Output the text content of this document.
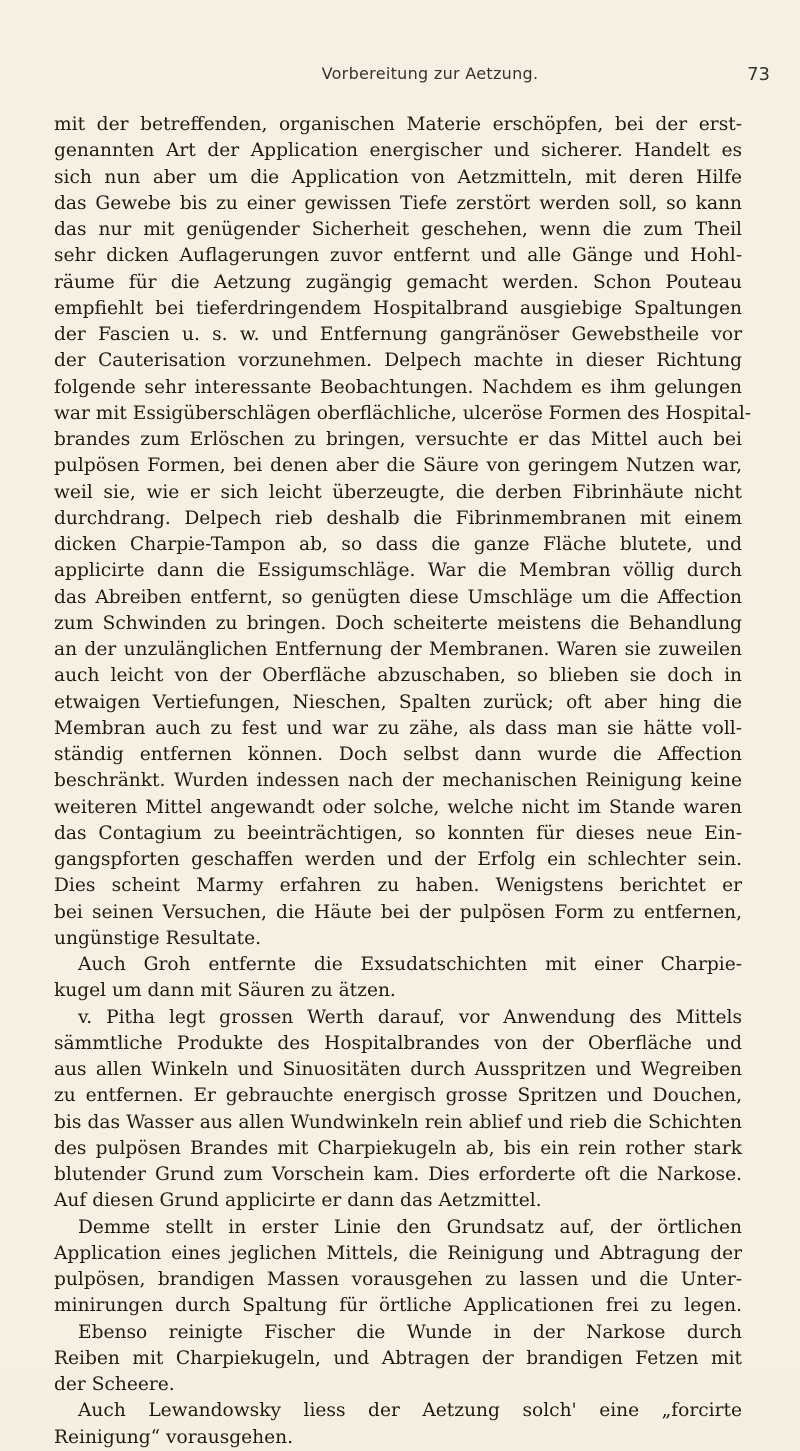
Vorbereitung zur Aetzung.	73
mit der betreffenden, organischen Materie erschöpfen, bei der erst-
genannten Art der Application energischer und sicherer. Handelt es
sich nun aber um die Application von Aetzmitteln, mit deren Hilfe
das Gewebe bis zu einer gewissen Tiefe zerstört werden soll, so kann
das nur mit genügender Sicherheit geschehen, wenn die zum Theil
sehr dicken Auflagerungen zuvor entfernt und alle Gänge und Hohl-
räume für die Aetzung zugängig gemacht werden. Schon Pouteau
empfiehlt bei tieferdringendem Hospitalbrand ausgiebige Spaltungen
der Fascien u. s. w. und Entfernung gangränöser Gewebstheile vor
der Cauterisation vorzunehmen. Delpech machte in dieser Richtung
folgende sehr interessante Beobachtungen. Nachdem es ihm gelungen
war mit Essigüberschlägen oberflächliche, ulceröse Formen des Hospital-
brandes zum Erlöschen zu bringen, versuchte er das Mittel auch bei
pulpösen Formen, bei denen aber die Säure von geringem Nutzen war,
weil sie, wie er sich leicht überzeugte, die derben Fibrinhäute nicht
durchdrang. Delpech rieb deshalb die Fibrinmembranen mit einem
dicken Charpie-Tampon ab, so dass die ganze Fläche blutete, und
applicirte dann die Essigumschläge. War die Membran völlig durch
das Abreiben entfernt, so genügten diese Umschläge um die Affection
zum Schwinden zu bringen. Doch scheiterte meistens die Behandlung
an der unzulänglichen Entfernung der Membranen. Waren sie zuweilen
auch leicht von der Oberfläche abzuschaben, so blieben sie doch in
etwaigen Vertiefungen, Nieschen, Spalten zurück; oft aber hing die
Membran auch zu fest und war zu zähe, als dass man sie hätte voll-
ständig entfernen können. Doch selbst dann wurde die Affection
beschränkt. Wurden indessen nach der mechanischen Reinigung keine
weiteren Mittel angewandt oder solche, welche nicht im Stande waren
das Contagium zu beeinträchtigen, so konnten für dieses neue Ein-
gangspforten geschaffen werden und der Erfolg ein schlechter sein.
Dies scheint Marmy erfahren zu haben. Wenigstens berichtet er
bei seinen Versuchen, die Häute bei der pulpösen Form zu entfernen,
ungünstige Resultate.
Auch Groh entfernte die Exsudatschichten mit einer Charpie-
kugel um dann mit Säuren zu ätzen.
v. Pitha legt grossen Werth darauf, vor Anwendung des Mittels
sämmtliche Produkte des Hospitalbrandes von der Oberfläche und
aus allen Winkeln und Sinuositäten durch Ausspritzen und Wegreiben
zu entfernen. Er gebrauchte energisch grosse Spritzen und Douchen,
bis das Wasser aus allen Wundwinkeln rein ablief und rieb die Schichten
des pulpösen Brandes mit Charpiekugeln ab, bis ein rein rother stark
blutender Grund zum Vorschein kam. Dies erforderte oft die Narkose.
Auf diesen Grund applicirte er dann das Aetzmittel.
Demme stellt in erster Linie den Grundsatz auf, der örtlichen
Application eines jeglichen Mittels, die Reinigung und Abtragung der
pulpösen, brandigen Massen vorausgehen zu lassen und die Unter-
minirungen durch Spaltung für örtliche Applicationen frei zu legen.
Ebenso reinigte Fischer die Wunde in der Narkose durch
Reiben mit Charpiekugeln, und Abtragen der brandigen Fetzen mit
der Scheere.
Auch Lewandowsky liess der Aetzung solch' eine „forcirte
Reinigung“ vorausgehen.
